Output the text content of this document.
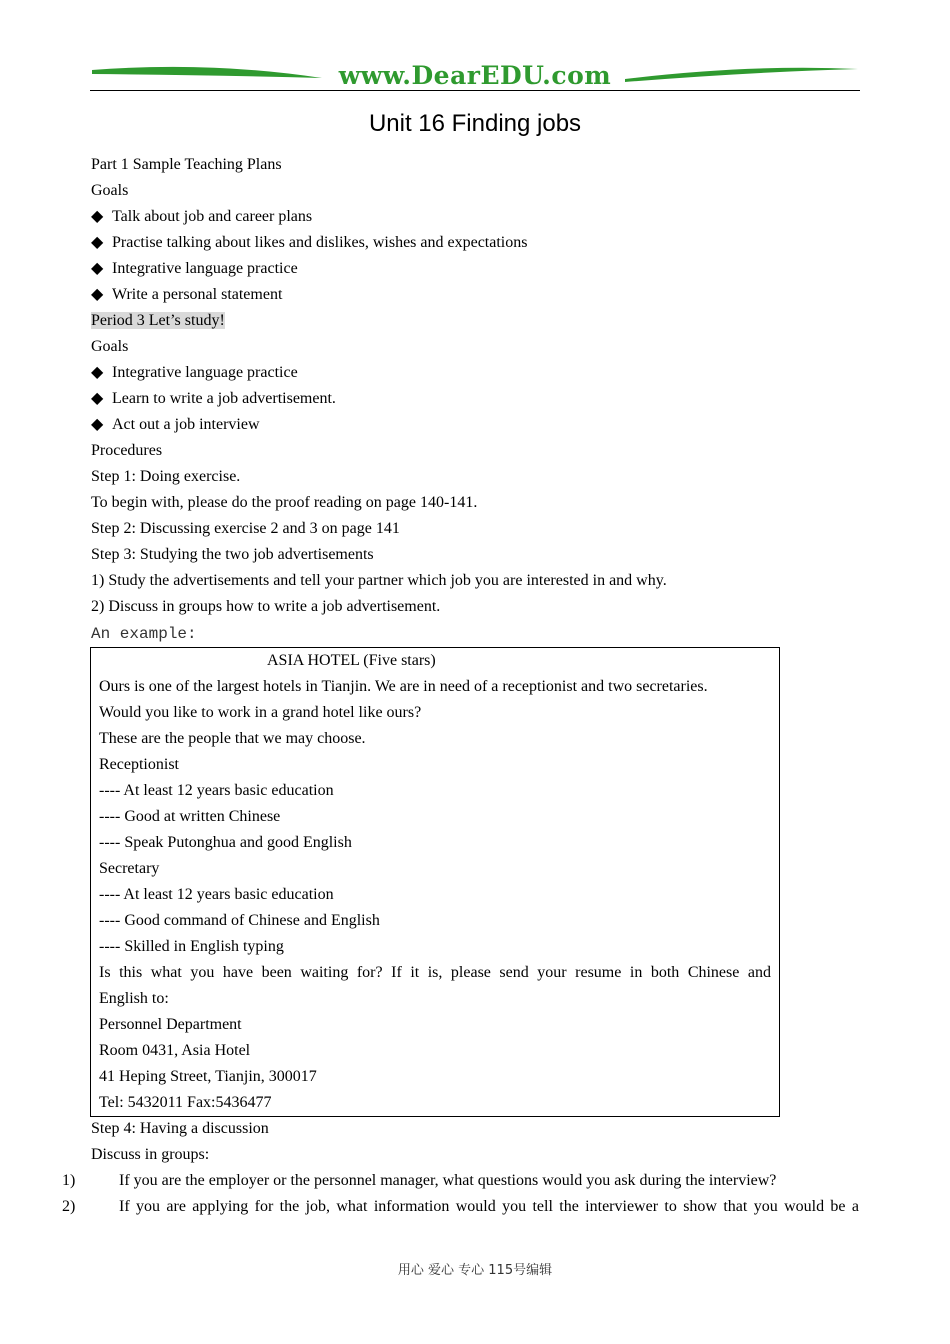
www.DearEDU.com
Unit 16 Finding jobs
Part 1 Sample Teaching Plans
Goals
◆ Talk about job and career plans
◆ Practise talking about likes and dislikes, wishes and expectations
◆ Integrative language practice
◆ Write a personal statement
Period 3 Let’s study!
Goals
◆ Integrative language practice
◆ Learn to write a job advertisement.
◆ Act out a job interview
Procedures
Step 1: Doing exercise.
To begin with, please do the proof reading on page 140-141.
Step 2: Discussing exercise 2 and 3 on page 141
Step 3: Studying the two job advertisements
1) Study the advertisements and tell your partner which job you are interested in and why.
2) Discuss in groups how to write a job advertisement.
An example:
ASIA HOTEL (Five stars)
Ours is one of the largest hotels in Tianjin. We are in need of a receptionist and two secretaries.
Would you like to work in a grand hotel like ours?
These are the people that we may choose.
Receptionist
---- At least 12 years basic education
---- Good at written Chinese
---- Speak Putonghua and good English
Secretary
---- At least 12 years basic education
---- Good command of Chinese and English
---- Skilled in English typing
Is this what you have been waiting for? If it is, please send your resume in both Chinese and
English to:
Personnel Department
Room 0431, Asia Hotel
41 Heping Street, Tianjin, 300017
Tel: 5432011 Fax:5436477
Step 4: Having a discussion
Discuss in groups:
1)	If you are the employer or the personnel manager, what questions would you ask during the interview?
2)	If you are applying for the job, what information would you tell the interviewer to show that you would be a
用心 爱心 专心 115号编辑
